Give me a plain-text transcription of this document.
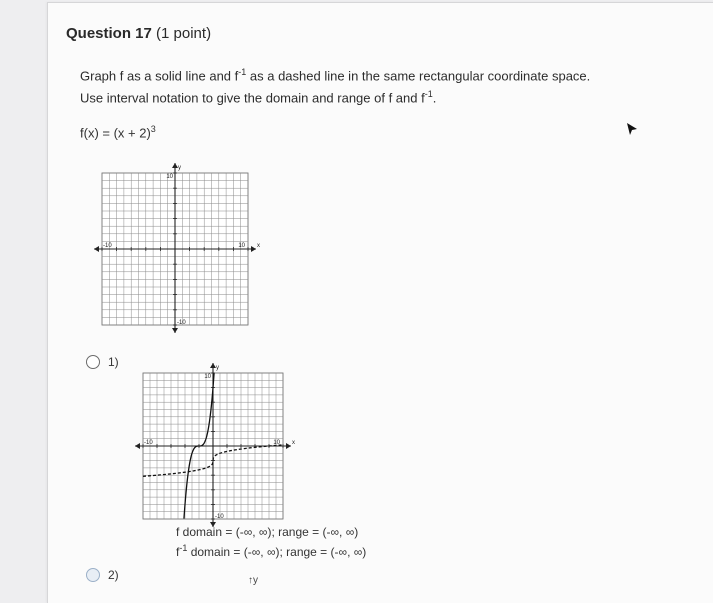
Question 17 (1 point)
Graph f as a solid line and $f^{-1}$ as a dashed line in the same rectangular coordinate space. Use interval notation to give the domain and range of f and $f^{-1}$.
$f(x) = (x + 2)^3$
10
-10
-10	10 x
y
1)
10
-10
-10	10 x
y
f domain = (-∞, ∞); range = (-∞, ∞)
$f^{-1}$ domain = (-∞, ∞); range = (-∞, ∞)
2)	↑y
